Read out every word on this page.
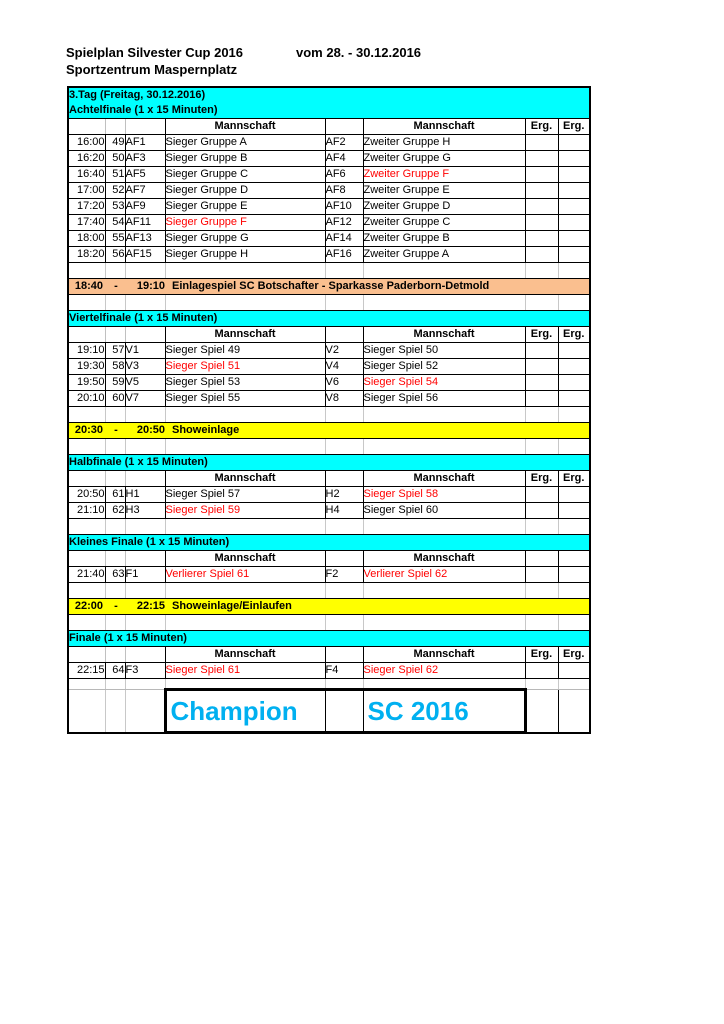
Spielplan Silvester Cup 2016	vom 28. - 30.12.2016
Sportzentrum Maspernplatz
3.Tag (Freitag, 30.12.2016)
Achtelfinale (1 x 15 Minuten)							

			Mannschaft		Mannschaft	Erg.	Erg.
16:00	49	AF1	Sieger Gruppe A	AF2	Zweiter Gruppe H		
16:20	50	AF3	Sieger Gruppe B	AF4	Zweiter Gruppe G		
16:40	51	AF5	Sieger Gruppe C	AF6	Zweiter Gruppe F		
17:00	52	AF7	Sieger Gruppe D	AF8	Zweiter Gruppe E		
17:20	53	AF9	Sieger Gruppe E	AF10	Zweiter Gruppe D		
17:40	54	AF11	Sieger Gruppe F	AF12	Zweiter Gruppe C		
18:00	55	AF13	Sieger Gruppe G	AF14	Zweiter Gruppe B		
18:20	56	AF15	Sieger Gruppe H	AF16	Zweiter Gruppe A		

18:40 - 19:10 Einlagespiel SC Botschafter - Sparkasse Paderborn-Detmold							

Viertelfinale (1 x 15 Minuten)							
			Mannschaft		Mannschaft	Erg.	Erg.
19:10	57	V1	Sieger Spiel 49	V2	Sieger Spiel 50		
19:30	58	V3	Sieger Spiel 51	V4	Sieger Spiel 52		
19:50	59	V5	Sieger Spiel 53	V6	Sieger Spiel 54		
20:10	60	V7	Sieger Spiel 55	V8	Sieger Spiel 56		

20:30 - 20:50 Showeinlage							

Halbfinale (1 x 15 Minuten)							
			Mannschaft		Mannschaft	Erg.	Erg.
20:50	61	H1	Sieger Spiel 57	H2	Sieger Spiel 58		
21:10	62	H3	Sieger Spiel 59	H4	Sieger Spiel 60		

Kleines Finale (1 x 15 Minuten)							
			Mannschaft		Mannschaft		
21:40	63	F1	Verlierer Spiel 61	F2	Verlierer Spiel 62		

22:00 - 22:15 Showeinlage/Einlaufen							

Finale (1 x 15 Minuten)							
			Mannschaft		Mannschaft	Erg.	Erg.
22:15	64	F3	Sieger Spiel 61	F4	Sieger Spiel 62		

			Champion		SC 2016		
